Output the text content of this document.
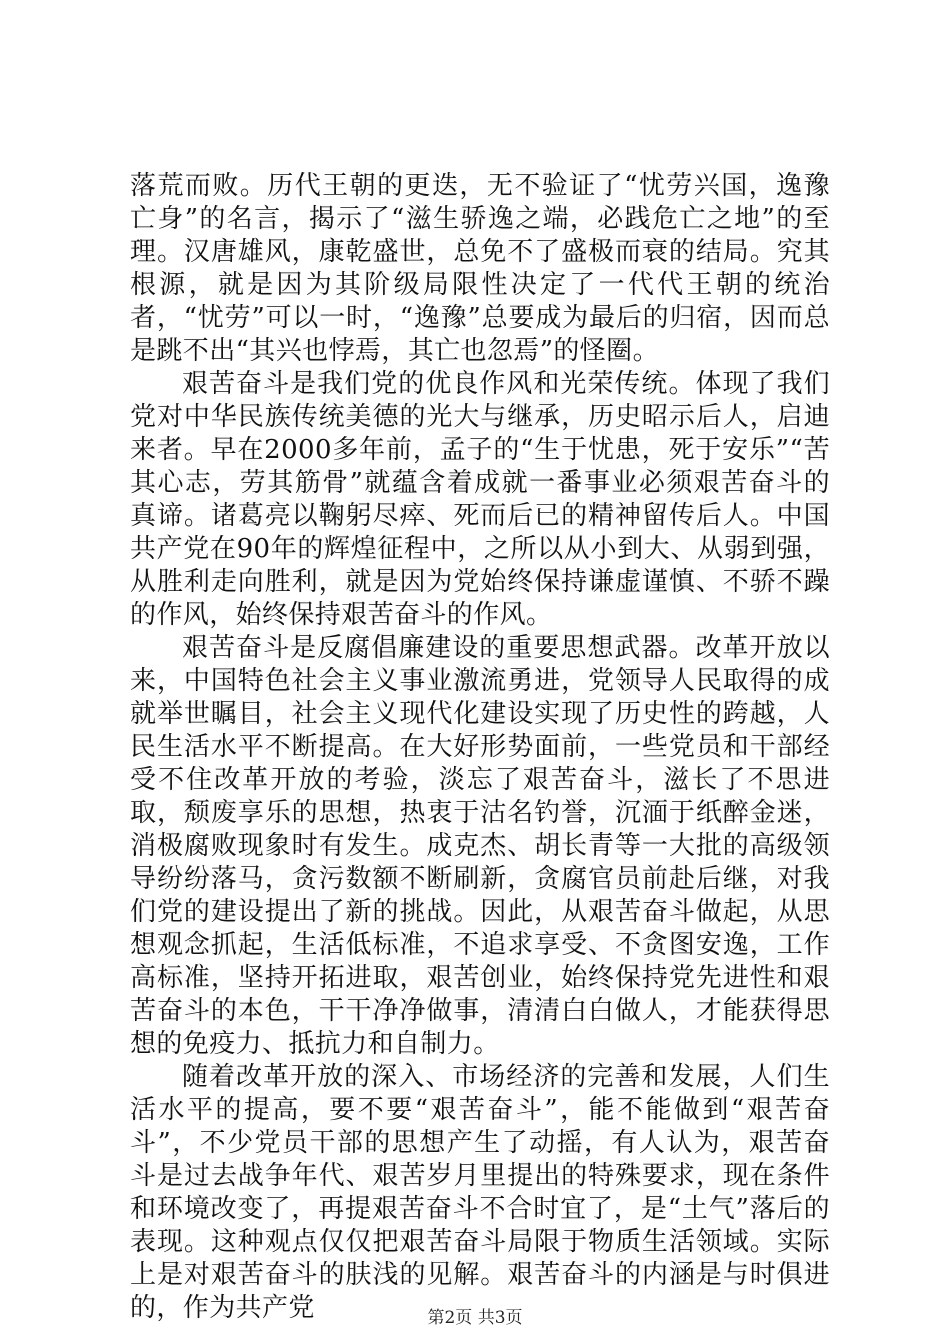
落荒而败。历代王朝的更迭，无不验证了“忧劳兴国，逸豫亡身”的名言，揭示了“滋生骄逸之端，必践危亡之地”的至理。汉唐雄风，康乾盛世，总免不了盛极而衰的结局。究其根源，就是因为其阶级局限性决定了一代代王朝的统治者，“忧劳”可以一时，“逸豫”总要成为最后的归宿，因而总是跳不出“其兴也悖焉，其亡也忽焉”的怪圈。

艰苦奋斗是我们党的优良作风和光荣传统。体现了我们党对中华民族传统美德的光大与继承，历史昭示后人，启迪来者。早在2000多年前，孟子的“生于忧患，死于安乐”“苦其心志，劳其筋骨”就蕴含着成就一番事业必须艰苦奋斗的真谛。诸葛亮以鞠躬尽瘁、死而后已的精神留传后人。中国共产党在90年的辉煌征程中，之所以从小到大、从弱到强，从胜利走向胜利，就是因为党始终保持谦虚谨慎、不骄不躁的作风，始终保持艰苦奋斗的作风。

艰苦奋斗是反腐倡廉建设的重要思想武器。改革开放以来，中国特色社会主义事业激流勇进，党领导人民取得的成就举世瞩目，社会主义现代化建设实现了历史性的跨越，人民生活水平不断提高。在大好形势面前，一些党员和干部经受不住改革开放的考验，淡忘了艰苦奋斗，滋长了不思进取，颓废享乐的思想，热衷于沽名钓誉，沉湎于纸醉金迷，消极腐败现象时有发生。成克杰、胡长青等一大批的高级领导纷纷落马，贪污数额不断刷新，贪腐官员前赴后继，对我们党的建设提出了新的挑战。因此，从艰苦奋斗做起，从思想观念抓起，生活低标准，不追求享受、不贪图安逸，工作高标准，坚持开拓进取，艰苦创业，始终保持党先进性和艰苦奋斗的本色，干干净净做事，清清白白做人，才能获得思想的免疫力、抵抗力和自制力。

随着改革开放的深入、市场经济的完善和发展，人们生活水平的提高，要不要“艰苦奋斗”，能不能做到“艰苦奋斗”，不少党员干部的思想产生了动摇，有人认为，艰苦奋斗是过去战争年代、艰苦岁月里提出的特殊要求，现在条件和环境改变了，再提艰苦奋斗不合时宜了，是“土气”落后的表现。这种观点仅仅把艰苦奋斗局限于物质生活领域。实际上是对艰苦奋斗的肤浅的见解。艰苦奋斗的内涵是与时俱进的，作为共产党	第2页 共3页
